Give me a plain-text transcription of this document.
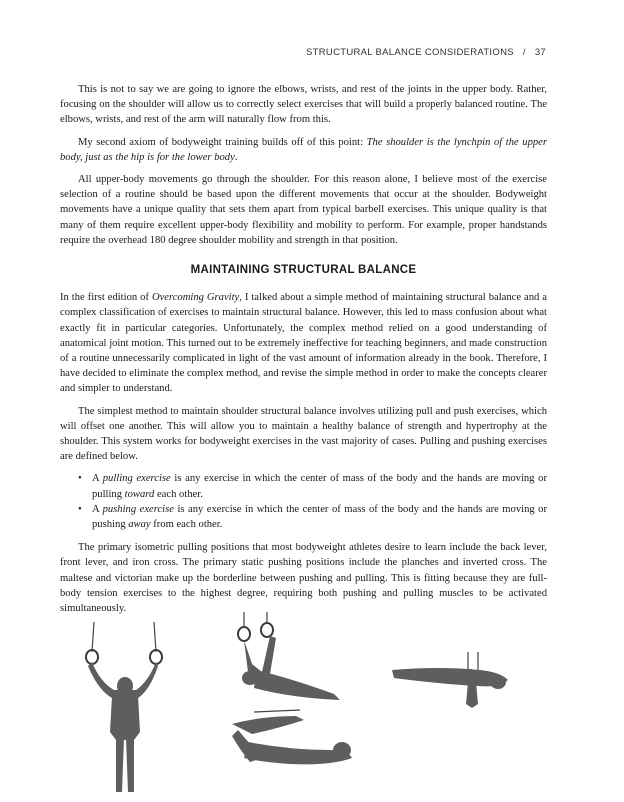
STRUCTURAL BALANCE CONSIDERATIONS / 37

This is not to say we are going to ignore the elbows, wrists, and rest of the joints in the upper body. Rather, focusing on the shoulder will allow us to correctly select exercises that will build a properly balanced routine. The elbows, wrists, and rest of the arm will naturally flow from this.

My second axiom of bodyweight training builds off of this point: The shoulder is the lynchpin of the upper body, just as the hip is for the lower body.

All upper-body movements go through the shoulder. For this reason alone, I believe most of the exercise selection of a routine should be based upon the different movements that occur at the shoulder. Bodyweight movements have a unique quality that sets them apart from typical barbell exercises. This unique quality is that many of them require excellent upper-body flexibility and mobility to perform. For example, proper handstands require the overhead 180 degree shoulder mobility and strength in that position.

MAINTAINING STRUCTURAL BALANCE

In the first edition of Overcoming Gravity, I talked about a simple method of maintaining structural balance and a complex classification of exercises to maintain structural balance. However, this led to mass confusion about what exactly fit in particular categories. Unfortunately, the complex method relied on a good understanding of anatomical joint motion. This turned out to be extremely ineffective for teaching beginners, and made construction of a routine unnecessarily complicated in light of the vast amount of information already in the book. Therefore, I have decided to eliminate the complex method, and revise the simple method in order to make the concepts clearer and simpler to understand.

The simplest method to maintain shoulder structural balance involves utilizing pull and push exercises, which will offset one another. This will allow you to maintain a healthy balance of strength and hypertrophy at the shoulder. This system works for bodyweight exercises in the vast majority of cases. Pulling and pushing exercises are defined below.

• A pulling exercise is any exercise in which the center of mass of the body and the hands are moving or pulling toward each other.
• A pushing exercise is any exercise in which the center of mass of the body and the hands are moving or pushing away from each other.

The primary isometric pulling positions that most bodyweight athletes desire to learn include the back lever, front lever, and iron cross. The primary static pushing positions include the planches and inverted cross. The maltese and victorian make up the borderline between pushing and pulling. This is fitting because they are full-body tension exercises to the highest degree, requiring both pushing and pulling muscles to be activated simultaneously.
